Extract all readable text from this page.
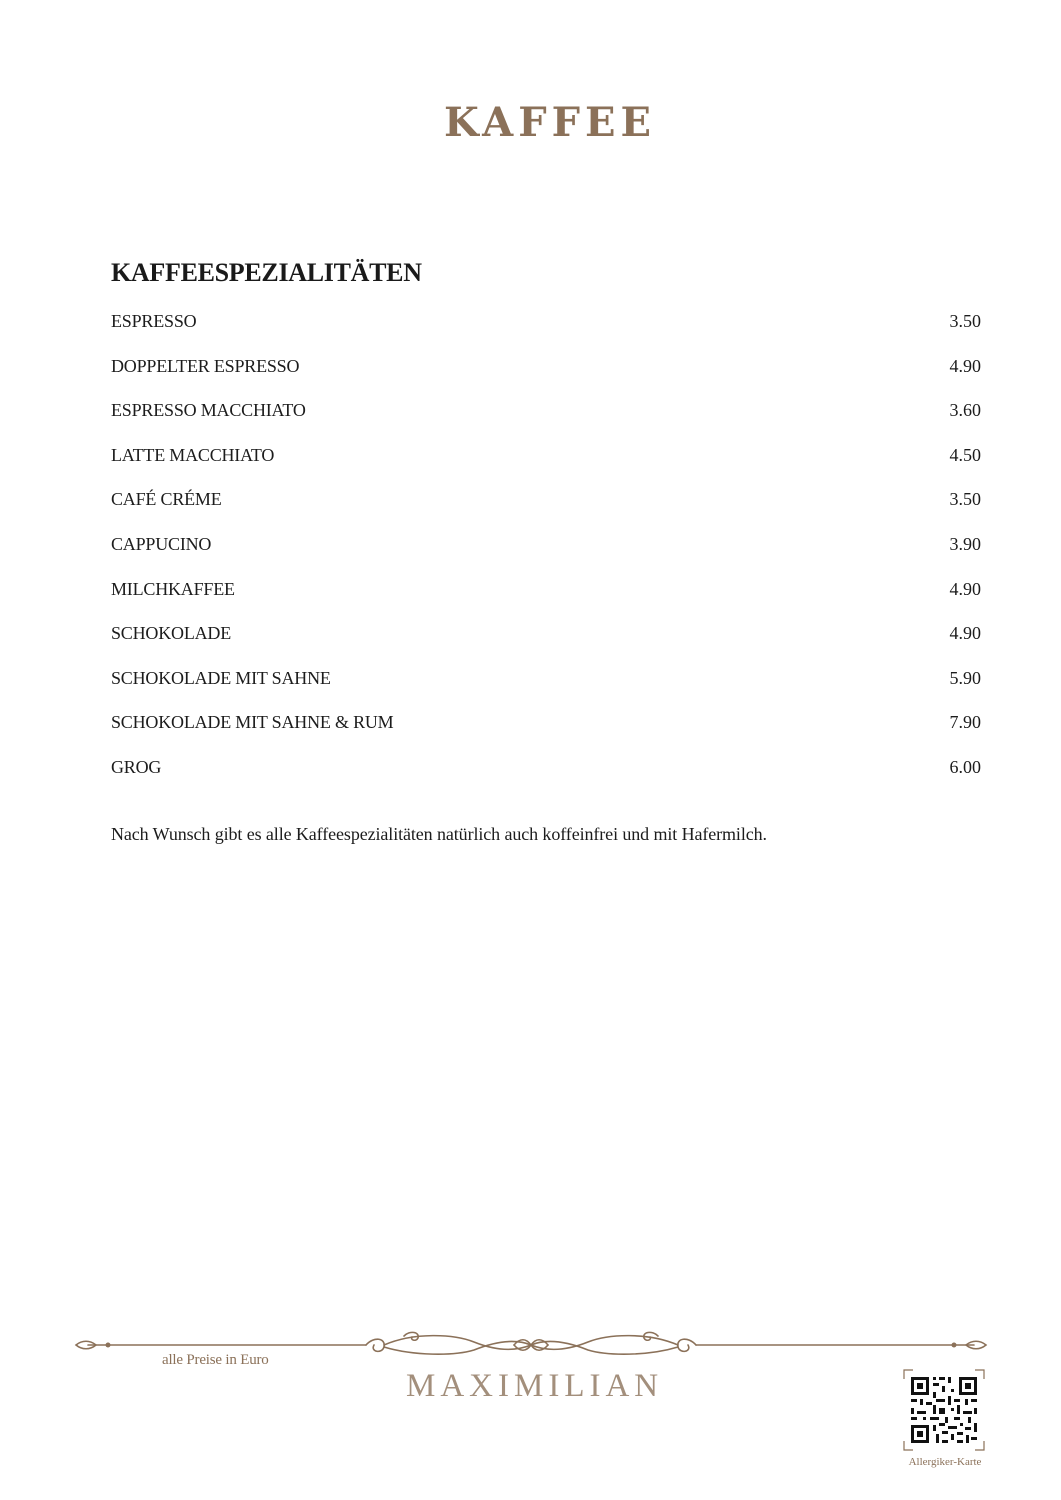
KAFFEE
KAFFEESPEZIALITÄTEN
ESPRESSO	3.50
DOPPELTER ESPRESSO	4.90
ESPRESSO MACCHIATO	3.60
LATTE MACCHIATO	4.50
CAFÉ CRÉME	3.50
CAPPUCINO	3.90
MILCHKAFFEE	4.90
SCHOKOLADE	4.90
SCHOKOLADE MIT SAHNE	5.90
SCHOKOLADE MIT SAHNE & RUM	7.90
GROG	6.00

Nach Wunsch gibt es alle Kaffeespezialitäten natürlich auch koffeinfrei und mit Hafermilch.

alle Preise in Euro
MAXIMILIAN
Allergiker-Karte
